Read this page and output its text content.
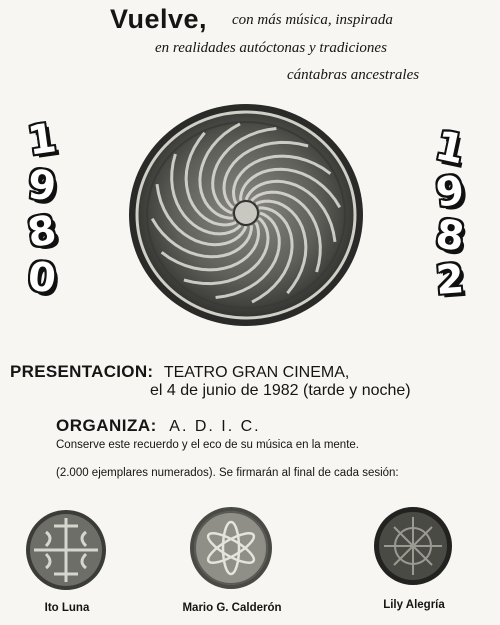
Vuelve, con más música, inspirada
en realidades autóctonas y tradiciones
cántabras ancestrales
1
9
8
0
1
9
8
2
PRESENTACION: TEATRO GRAN CINEMA,
el 4 de junio de 1982 (tarde y noche)
ORGANIZA: A. D. I. C.
Conserve este recuerdo y el eco de su música en la mente.
(2.000 ejemplares numerados). Se firmarán al final de cada sesión:
Ito Luna	Mario G. Calderón	Lily Alegría
